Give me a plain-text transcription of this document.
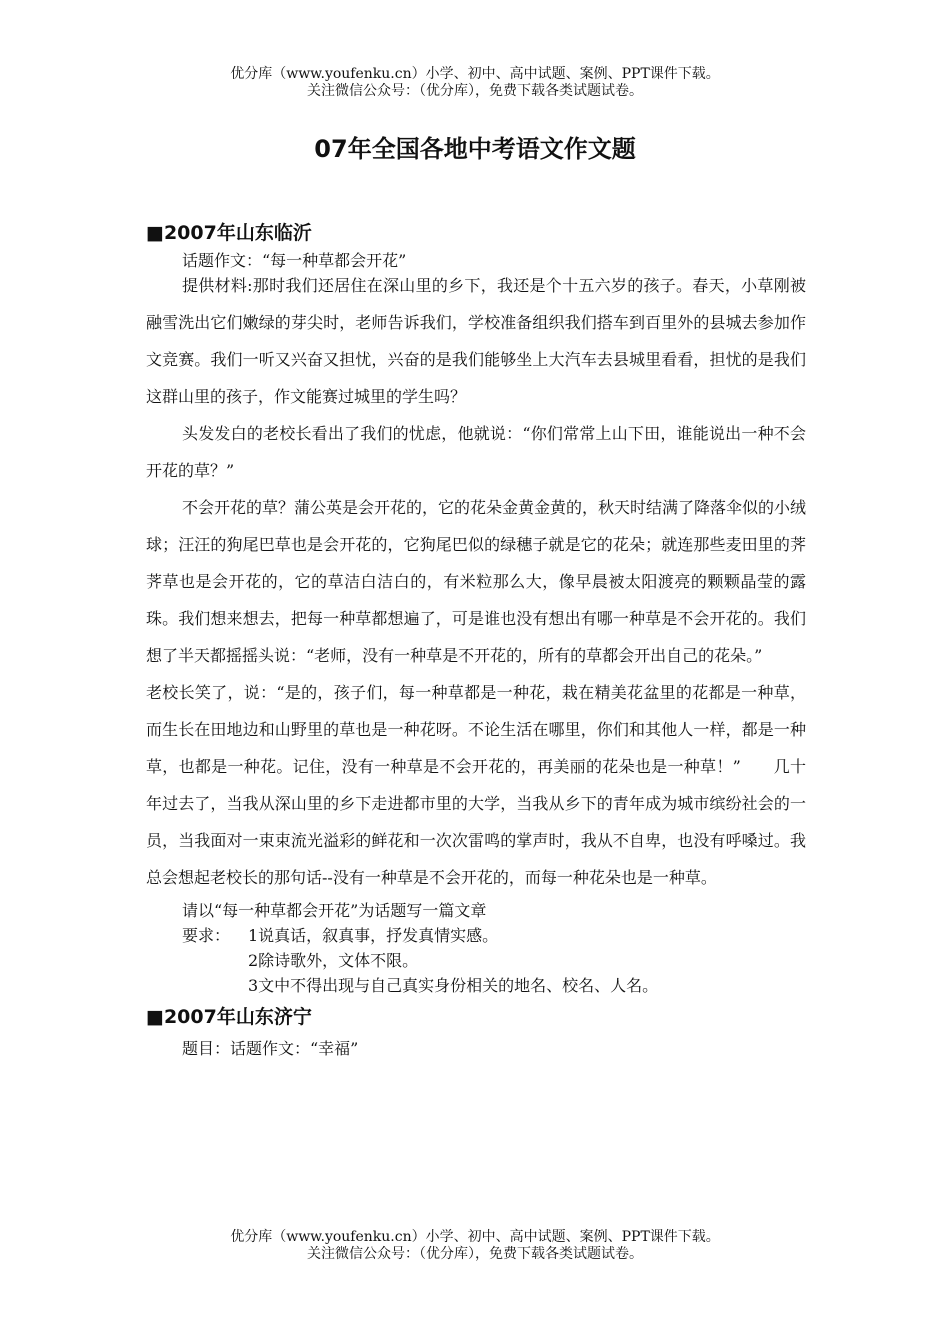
优分库（www.youfenku.cn）小学、初中、高中试题、案例、PPT课件下载。
关注微信公众号：（优分库），免费下载各类试题试卷。
07年全国各地中考语文作文题

■2007年山东临沂

话题作文：“每一种草都会开花”

提供材料:那时我们还居住在深山里的乡下，我还是个十五六岁的孩子。春天，小草刚被融雪洗出它们嫩绿的芽尖时，老师告诉我们，学校准备组织我们搭车到百里外的县城去参加作文竞赛。我们一听又兴奋又担忧，兴奋的是我们能够坐上大汽车去县城里看看，担忧的是我们这群山里的孩子，作文能赛过城里的学生吗？

头发发白的老校长看出了我们的忧虑，他就说：“你们常常上山下田，谁能说出一种不会开花的草？”

不会开花的草？蒲公英是会开花的，它的花朵金黄金黄的，秋天时结满了降落伞似的小绒球；汪汪的狗尾巴草也是会开花的，它狗尾巴似的绿穗子就是它的花朵；就连那些麦田里的荠荠草也是会开花的，它的草洁白洁白的，有米粒那么大，像早晨被太阳渡亮的颗颗晶莹的露珠。我们想来想去，把每一种草都想遍了，可是谁也没有想出有哪一种草是不会开花的。我们想了半天都摇摇头说：“老师，没有一种草是不开花的，所有的草都会开出自己的花朵。”

老校长笑了，说：“是的，孩子们，每一种草都是一种花，栽在精美花盆里的花都是一种草，而生长在田地边和山野里的草也是一种花呀。不论生活在哪里，你们和其他人一样，都是一种草，也都是一种花。记住，没有一种草是不会开花的，再美丽的花朵也是一种草！”　　几十年过去了，当我从深山里的乡下走进都市里的大学，当我从乡下的青年成为城市缤纷社会的一员，当我面对一束束流光溢彩的鲜花和一次次雷鸣的掌声时，我从不自卑，也没有呼嗓过。我总会想起老校长的那句话--没有一种草是不会开花的，而每一种花朵也是一种草。

请以“每一种草都会开花”为话题写一篇文章

要求：	1说真话，叙真事，抒发真情实感。

2除诗歌外，文体不限。

3文中不得出现与自己真实身份相关的地名、校名、人名。

■2007年山东济宁

题目：话题作文：“幸福”

优分库（www.youfenku.cn）小学、初中、高中试题、案例、PPT课件下载。
关注微信公众号：（优分库），免费下载各类试题试卷。
